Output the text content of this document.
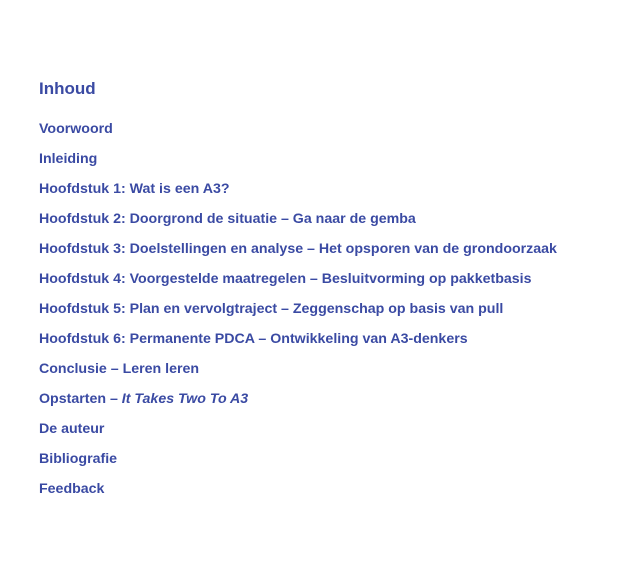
Inhoud
Voorwoord
Inleiding
Hoofdstuk 1: Wat is een A3?
Hoofdstuk 2: Doorgrond de situatie – Ga naar de gemba
Hoofdstuk 3: Doelstellingen en analyse – Het opsporen van de grondoorzaak
Hoofdstuk 4: Voorgestelde maatregelen – Besluitvorming op pakketbasis
Hoofdstuk 5: Plan en vervolgtraject – Zeggenschap op basis van pull
Hoofdstuk 6: Permanente PDCA – Ontwikkeling van A3-denkers
Conclusie – Leren leren
Opstarten – It Takes Two To A3
De auteur
Bibliografie
Feedback
